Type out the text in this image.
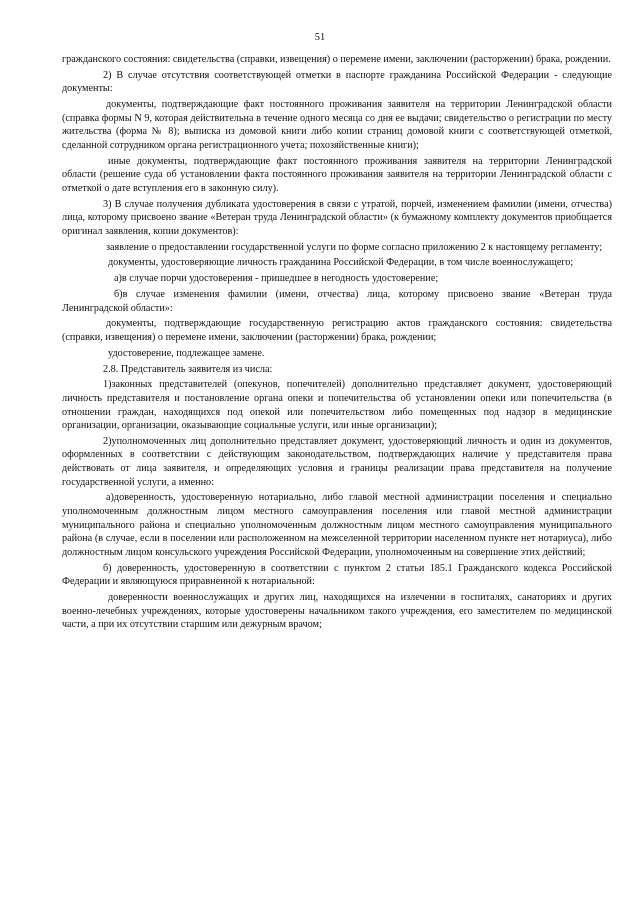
51

гражданского состояния: свидетельства (справки, извещения) о перемене имени, заключении (расторжении) брака, рождении.

2) В случае отсутствия соответствующей отметки в паспорте гражданина Российской Федерации - следующие документы:

документы, подтверждающие факт постоянного проживания заявителя на территории Ленинградской области (справка формы N 9, которая действительна в течение одного месяца со дня ее выдачи; свидетельство о регистрации по месту жительства (форма № 8); выписка из домовой книги либо копии страниц домовой книги с соответствующей отметкой, сделанной сотрудником органа регистрационного учета; похозяйственные книги);

иные документы, подтверждающие факт постоянного проживания заявителя на территории Ленинградской области (решение суда об установлении факта постоянного проживания заявителя на территории Ленинградской области с отметкой о дате вступления его в законную силу).

3) В случае получения дубликата удостоверения в связи с утратой, порчей, изменением фамилии (имени, отчества) лица, которому присвоено звание «Ветеран труда Ленинградской области» (к бумажному комплекту документов приобщается оригинал заявления, копии документов):

заявление о предоставлении государственной услуги по форме согласно приложению 2 к настоящему регламенту;

документы, удостоверяющие личность гражданина Российской Федерации, в том числе военнослужащего;

а)в случае порчи удостоверения - пришедшее в негодность удостоверение;

б)в случае изменения фамилии (имени, отчества) лица, которому присвоено звание «Ветеран труда Ленинградской области»:

документы, подтверждающие государственную регистрацию актов гражданского состояния: свидетельства (справки, извещения) о перемене имени, заключении (расторжении) брака, рождении;

удостоверение, подлежащее замене.

2.8. Представитель заявителя из числа:

1)законных представителей (опекунов, попечителей) дополнительно представляет документ, удостоверяющий личность представителя и постановление органа опеки и попечительства об установлении опеки или попечительства (в отношении граждан, находящихся под опекой или попечительством либо помещенных под надзор в медицинские организации, организации, оказывающие социальные услуги, или иные организации);

2)уполномоченных лиц дополнительно представляет документ, удостоверяющий личность и один из документов, оформленных в соответствии с действующим законодательством, подтверждающих наличие у представителя права действовать от лица заявителя, и определяющих условия и границы реализации права представителя на получение государственной услуги, а именно:

а)доверенность, удостоверенную нотариально, либо главой местной администрации поселения и специально уполномоченным должностным лицом местного самоуправления поселения или главой местной администрации муниципального района и специально уполномоченным должностным лицом местного самоуправления муниципального района (в случае, если в поселении или расположенном на межселенной территории населенном пункте нет нотариуса), либо должностным лицом консульского учреждения Российской Федерации, уполномоченным на совершение этих действий;

б) доверенность, удостоверенную в соответствии с пунктом 2 статьи 185.1 Гражданского кодекса Российской Федерации и являющуюся приравненной к нотариальной:

доверенности военнослужащих и других лиц, находящихся на излечении в госпиталях, санаториях и других военно-лечебных учреждениях, которые удостоверены начальником такого учреждения, его заместителем по медицинской части, а при их отсутствии старшим или дежурным врачом;
